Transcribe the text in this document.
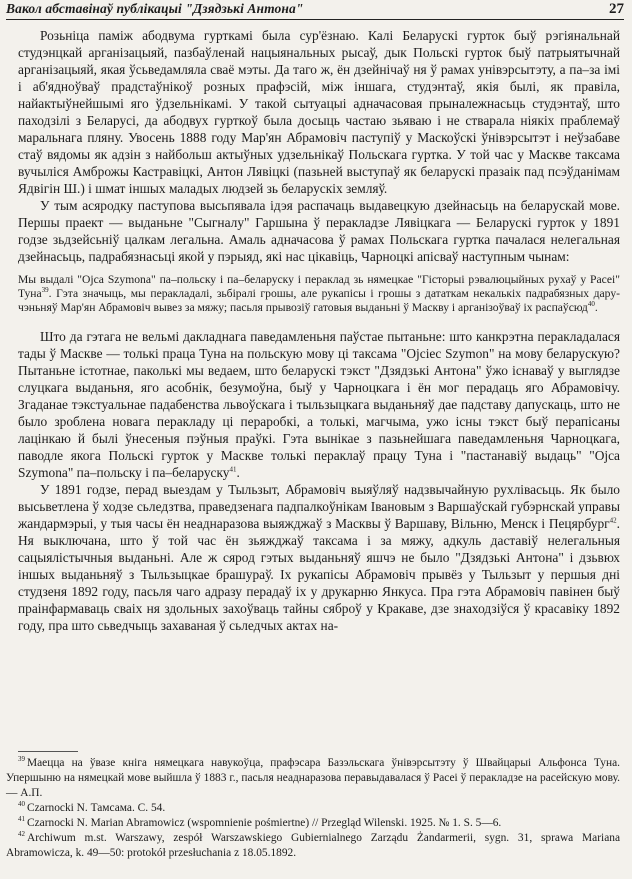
Вакол абставінаў публікацыі "Дзядзькі Антона"	27

Розьніца паміж абодвума гурткамі была сур'ёзнаю. Калі Беларускі гурток быў рэгіянальнай студэнцкай арганізацыяй, пазбаўленай нацыянальных рысаў, дык Польскі гурток быў патрыятычнай арганізацыяй, якая ўсьведамляла сваё мэты. Да таго ж, ён дзейнічаў ня ў рамах унівэрсытэту, а па–за імі і аб'ядноўваў прадстаўнікоў розных прафэсій, між іншага, студэнтаў, якія былі, як правіла, найактыўнейшымі яго ўдзельнікамі. У такой сытуацыі адначасовая прыналежнасьць студэнтаў, што паходзілі з Беларусі, да абодвух гурткоў была досыць частаю зьяваю і не стварала ніякіх праблемаў маральнага пляну. Увосень 1888 году Мар'ян Абрамовіч паступіў у Маскоўскі ўнівэрсытэт і неўзабаве стаў вядомы як адзін з найбольш актыўных удзельнікаў Польскага гуртка. У той час у Маскве таксама вучыліся Амброжы Кастравіцкі, Антон Лявіцкі (пазьней выступаў як беларускі празаік пад псэўданімам Ядвігін Ш.) і шмат іншых маладых людзей зь беларускіх земляў.

У тым асяродку паступова высьпявала ідэя распачаць выдавецкую дзейнасьць на беларускай мове. Першы праект — выданьне "Сыгналу" Гаршына ў перакладзе Лявіцкага — Беларускі гурток у 1891 годзе зьдзейсьніў цалкам легальна. Амаль адначасова ў рамах Польскага гуртка пачалася нелегальная дзейнасьць, падрабязнасьці якой у пэрыяд, які нас цікавіць, Чарноцкі апісваў наступным чынам:

Мы выдалі "Ojca Szymona" па–польску і па–беларуску і пераклад зь нямецкае "Гісторыі рэвалюцыйных рухаў у Расеі" Туна$^{39}$. Гэта значыць, мы перакладалі, зьбіралі грошы, але рукапісы і грошы з дататкам некалькіх падрабязных даручэньняў Мар'ян Абрамовіч вывез за мяжу; пасьля прывозіў гатовыя выданьні ў Маскву і арганізоўваў іх распаўсюд$^{40}$.

Што да гэтага не вельмі дакладнага паведамленьня паўстае пытаньне: што канкрэтна перакладалася тады ў Маскве — толькі праца Туна на польскую мову ці таксама "Ojciec Szymon" на мову беларускую? Пытаньне істотнае, паколькі мы ведаем, што беларускі тэкст "Дзядзькі Антона" ўжо існаваў у выглядзе слуцкага выданьня, яго асобнік, безумоўна, быў у Чарноцкага і ён мог перадаць яго Абрамовічу. Згаданае тэкстуальнае падабенства львоўскага і тыльзыцкага выданьняў дае падставу дапускаць, што не было зроблена новага перакладу ці пераробкі, а толькі, магчыма, ужо існы тэкст быў перапісаны лацінкаю й былі ўнесеныя пэўныя праўкі. Гэта вынікае з пазьнейшага паведамленьня Чарноцкага, паводле якога Польскі гурток у Маскве толькі пераклаў працу Туна і "пастанавіў выдаць" "Ojca Szymona" па–польску і па–беларуску$^{41}$.

У 1891 годзе, перад выездам у Тыльзыт, Абрамовіч выяўляў надзвычайную рухлівасьць. Як было высьветлена ў ходзе сьледзтва, праведзенага падпалкоўнікам Івановым з Варшаўскай губэрнскай управы жандармэрыі, у тыя часы ён неаднаразова выяжджаў з Масквы ў Варшаву, Вільню, Менск і Пецярбург$^{42}$. Ня выключана, што ў той час ён зьяжджаў таксама і за мяжу, адкуль даставіў нелегальныя сацыялістычныя выданьні. Але ж сярод гэтых выданьняў яшчэ не было "Дзядзькі Антона" і дзьвюх іншых выданьняў з Тыльзыцкае брашураў. Іх рукапісы Абрамовіч прывёз у Тыльзыт у першыя дні студзеня 1892 году, пасьля чаго адразу перадаў іх у друкарню Янкуса. Пра гэта Абрамовіч павінен быў праінфармаваць сваіх ня здольных захоўваць тайны сяброў у Кракаве, дзе знаходзіўся ў красавіку 1892 году, пра што сьведчыць захаваная ў сьледчых актах на-

$^{39}$ Маецца на ўвазе кніга нямецкага навукоўца, прафэсара Базэльскага ўнівэрсытэту ў Швайцарыі Альфонса Туна. Упершыню на нямецкай мове выйшла ў 1883 г., пасьля неаднаразова перавыдавалася ў Расеі ў перакладзе на расейскую мову. — А.П.
$^{40}$ Czarnocki N. Тамсама. С. 54.
$^{41}$ Czarnocki N. Marian Abramowicz (wspomnienie pośmiertne) // Przegląd Wilenski. 1925. № 1. S. 5—6.
$^{42}$ Archiwum m.st. Warszawy, zespół Warszawskiego Gubiernialnego Zarządu Żandarmerii, sygn. 31, sprawa Mariana Abramowicza, k. 49—50: protokół przesłuchania z 18.05.1892.
